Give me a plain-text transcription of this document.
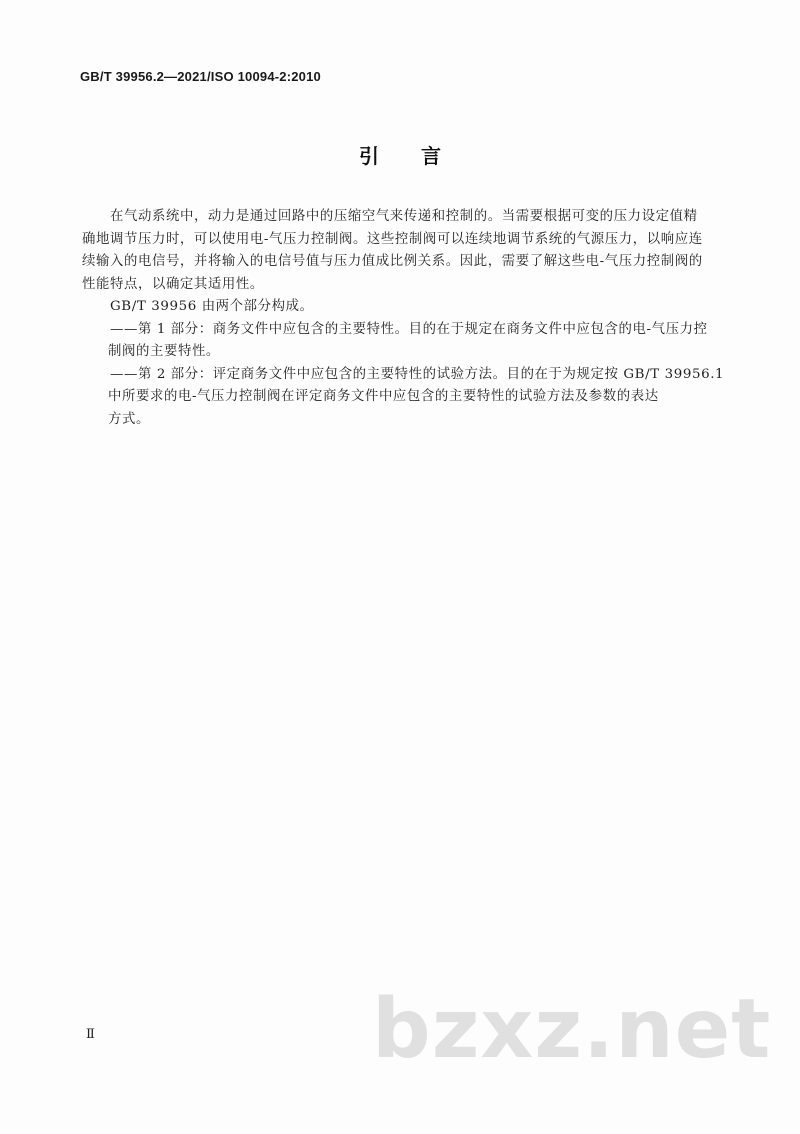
GB/T 39956.2—2021/ISO 10094-2:2010
引 言
在气动系统中，动力是通过回路中的压缩空气来传递和控制的。当需要根据可变的压力设定值精
确地调节压力时，可以使用电-气压力控制阀。这些控制阀可以连续地调节系统的气源压力，以响应连
续输入的电信号，并将输入的电信号值与压力值成比例关系。因此，需要了解这些电-气压力控制阀的
性能特点，以确定其适用性。
GB/T 39956 由两个部分构成。
——第 1 部分：商务文件中应包含的主要特性。目的在于规定在商务文件中应包含的电-气压力控
制阀的主要特性。
——第 2 部分：评定商务文件中应包含的主要特性的试验方法。目的在于为规定按 GB/T 39956.1
中所要求的电-气压力控制阀在评定商务文件中应包含的主要特性的试验方法及参数的表达
方式。
Ⅱ	bzxz.net
